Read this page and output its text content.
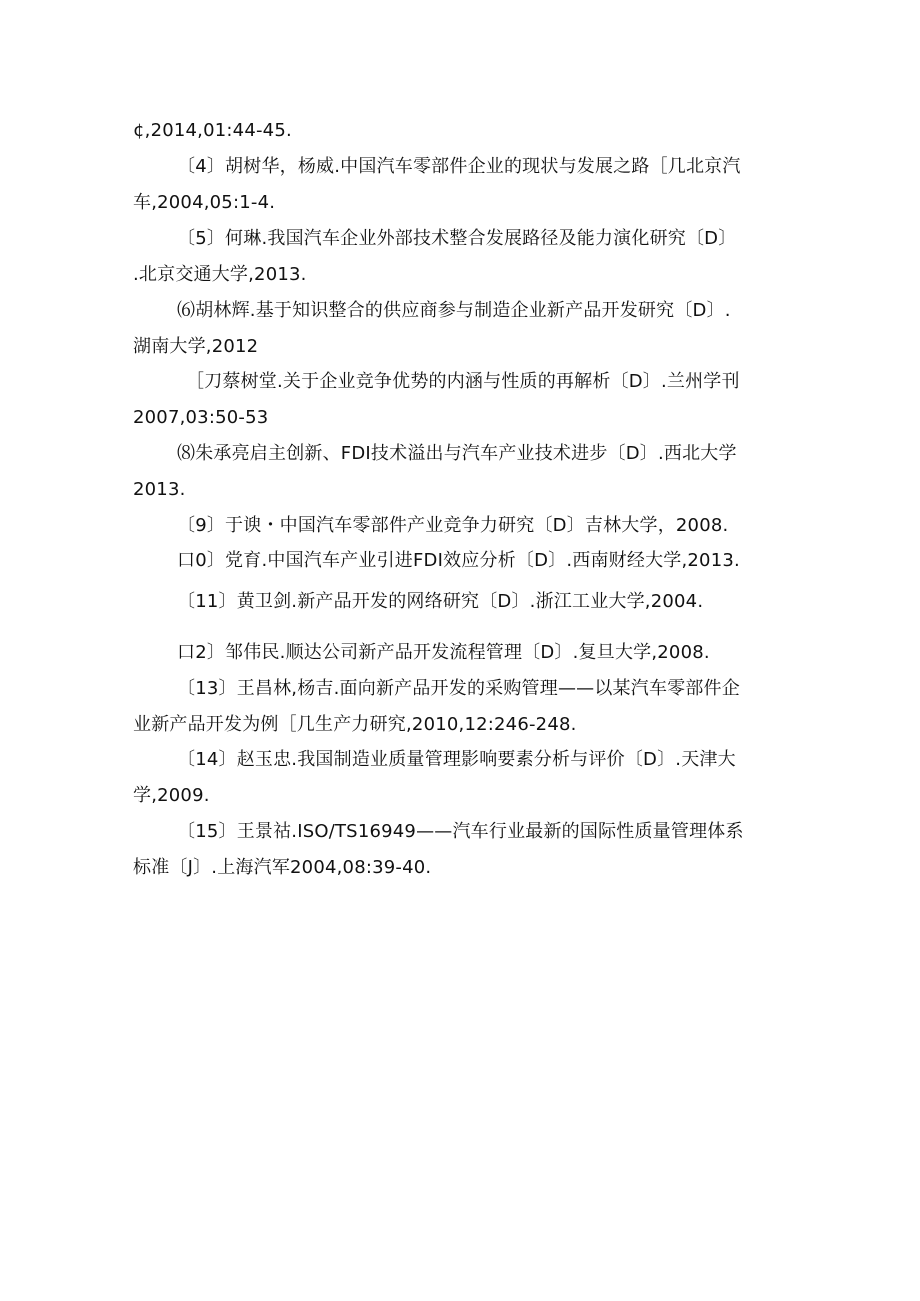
¢,2014,01:44-45.
〔4〕胡树华，杨威.中国汽车零部件企业的现状与发展之路［几北京汽
车,2004,05:1-4.
〔5〕何琳.我国汽车企业外部技术整合发展路径及能力演化研究〔D〕
.北京交通大学,2013.
⑹胡林辉.基于知识整合的供应商参与制造企业新产品开发研究〔D〕.
湖南大学,2012
［刀蔡树堂.关于企业竞争优势的内涵与性质的再解析〔D〕.兰州学刊
2007,03:50-53
⑻朱承亮启主创新、FDI技术溢出与汽车产业技术进步〔D〕.西北大学
2013.
〔9〕于谀・中国汽车零部件产业竞争力研究〔D〕吉林大学，2008.
口0〕党育.中国汽车产业引进FDI效应分析〔D〕.西南财经大学,2013.
〔11〕黄卫剑.新产品开发的网络研究〔D〕.浙江工业大学,2004.
口2〕邹伟民.顺达公司新产品开发流程管理〔D〕.复旦大学,2008.
〔13〕王昌林,杨吉.面向新产品开发的采购管理——以某汽车零部件企
业新产品开发为例［几生产力研究,2010,12:246-248.
〔14〕赵玉忠.我国制造业质量管理影响要素分析与评价〔D〕.天津大
学,2009.
〔15〕王景祜.ISO/TS16949——汽车行业最新的国际性质量管理体系
标准〔J〕.上海汽军2004,08:39-40.
